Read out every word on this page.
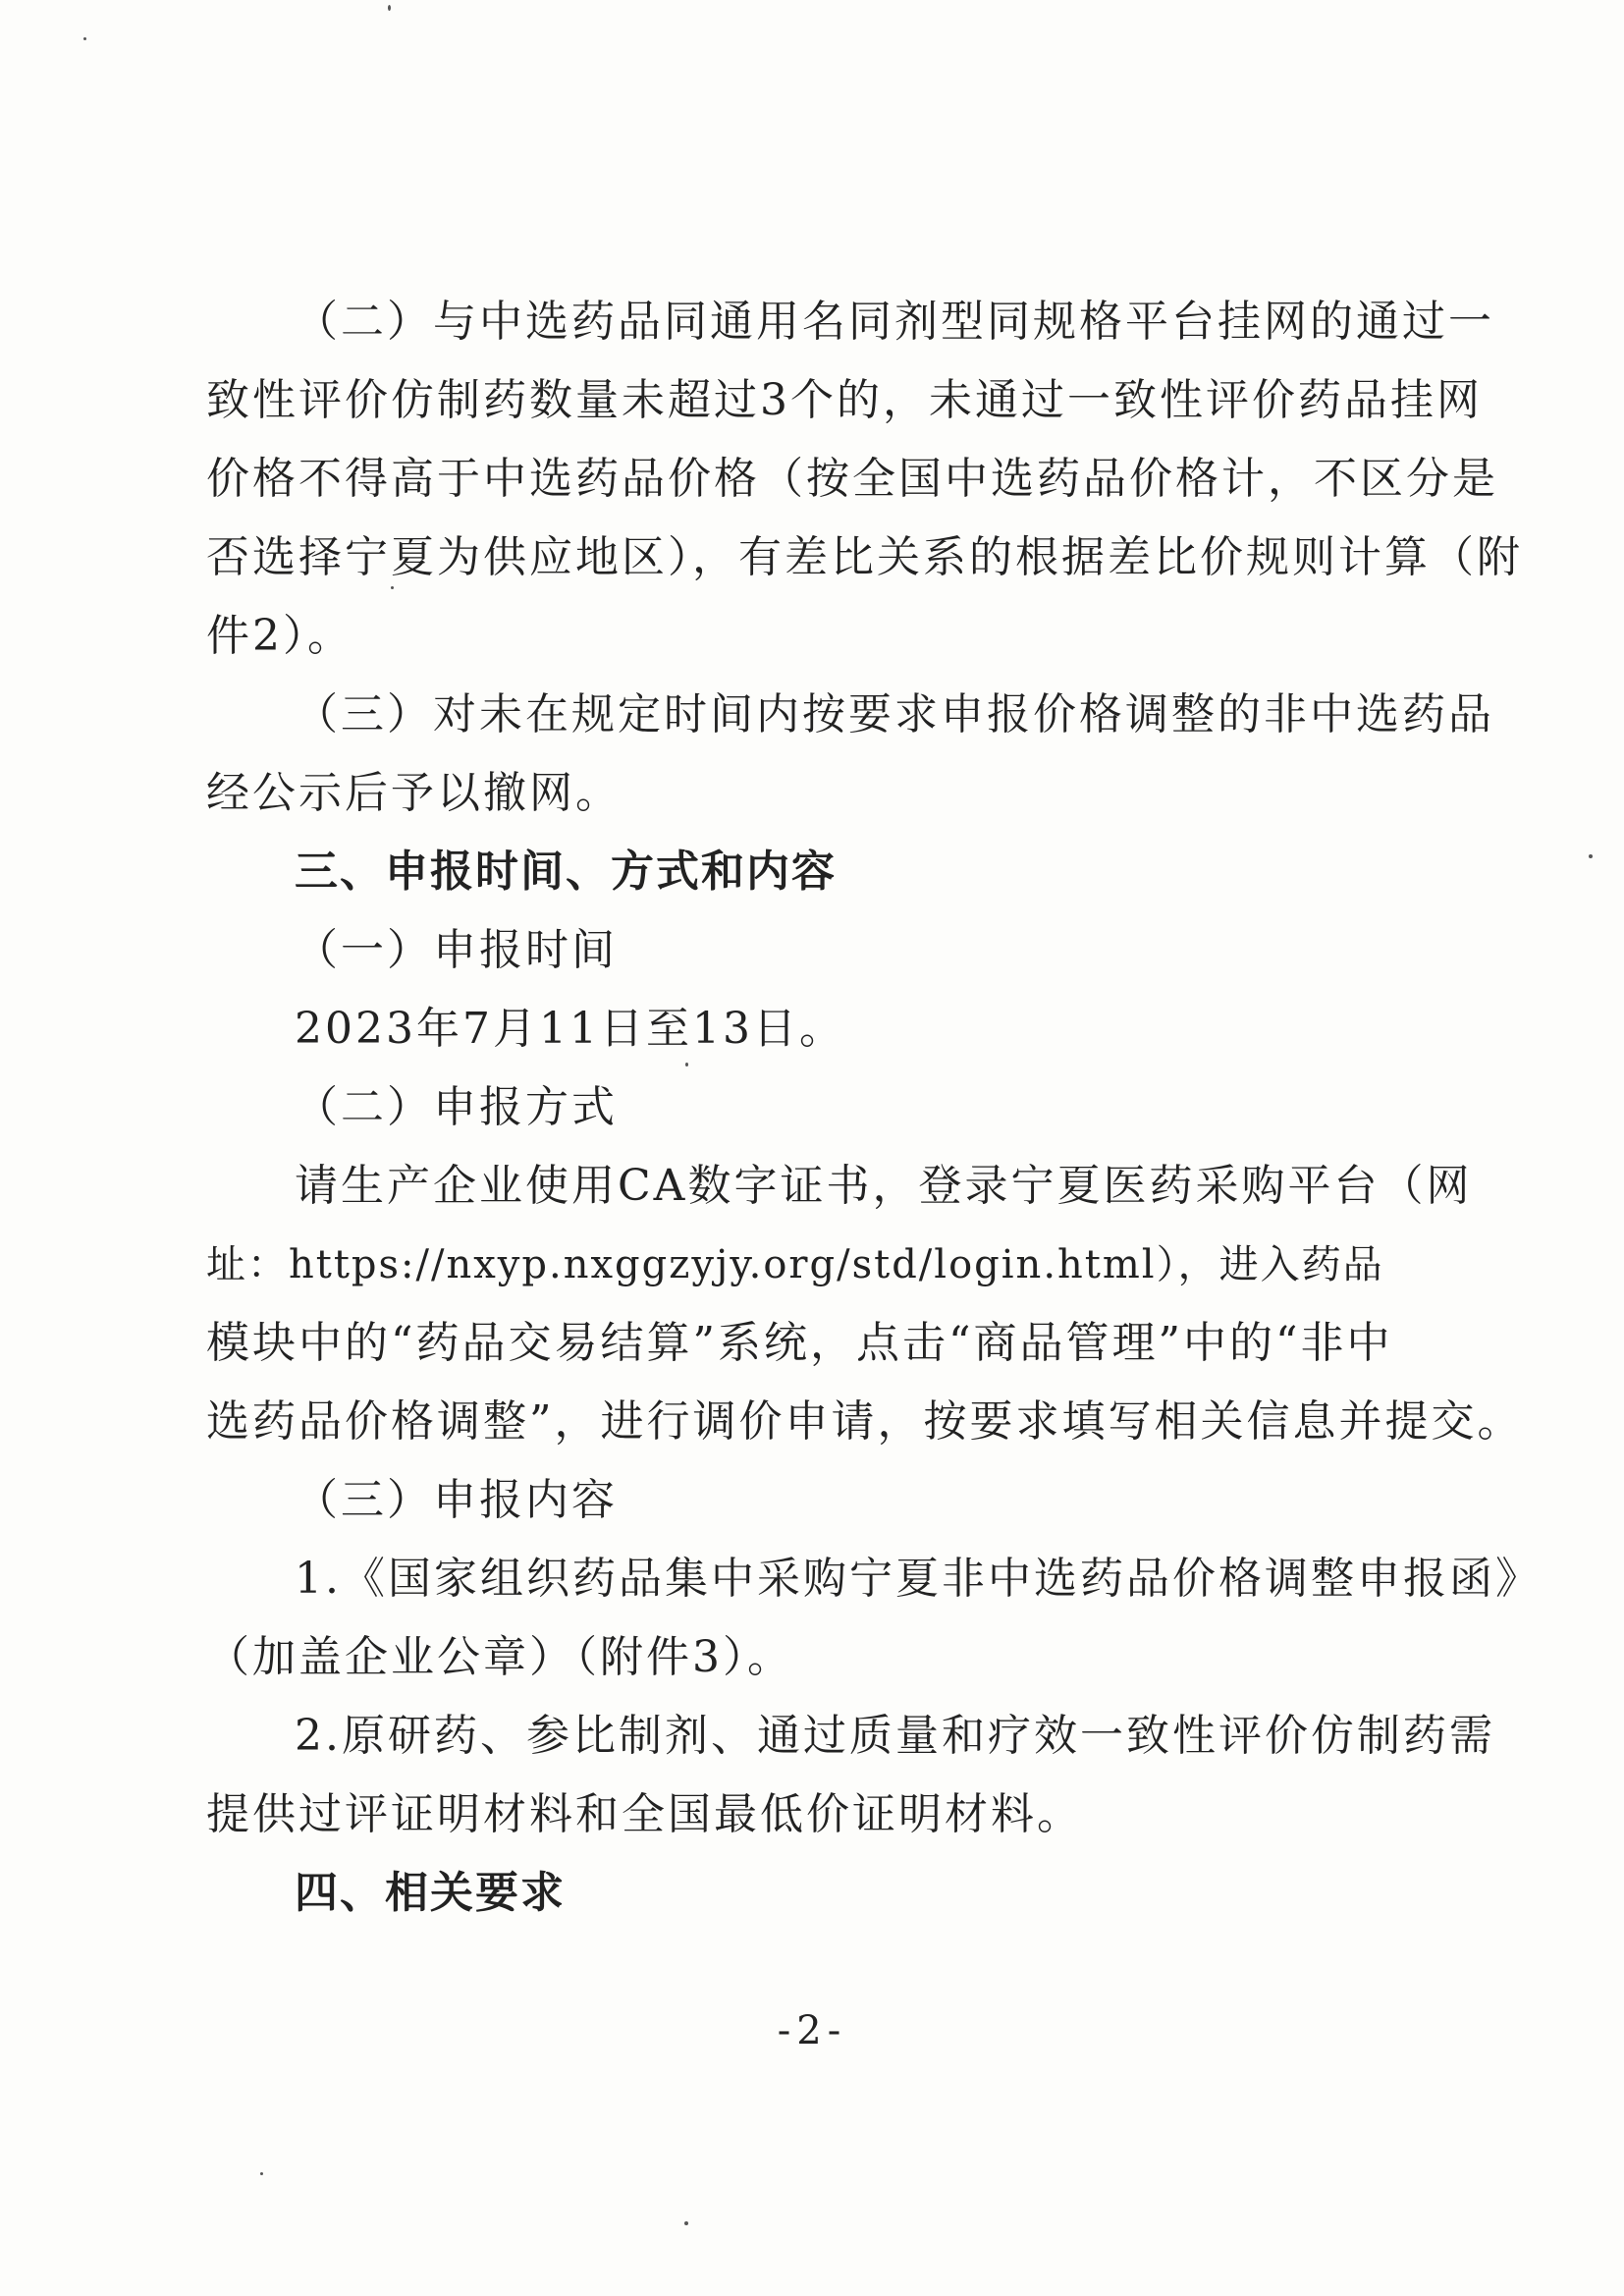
（二）与中选药品同通用名同剂型同规格平台挂网的通过一
致性评价仿制药数量未超过3个的，未通过一致性评价药品挂网
价格不得高于中选药品价格（按全国中选药品价格计，不区分是
否选择宁夏为供应地区），有差比关系的根据差比价规则计算（附
件2）。
（三）对未在规定时间内按要求申报价格调整的非中选药品
经公示后予以撤网。
三、申报时间、方式和内容
（一）申报时间
2023年7月11日至13日。
（二）申报方式
请生产企业使用CA数字证书，登录宁夏医药采购平台（网
址：https://nxyp.nxggzyjy.org/std/login.html），进入药品
模块中的“药品交易结算”系统，点击“商品管理”中的“非中
选药品价格调整”，进行调价申请，按要求填写相关信息并提交。
（三）申报内容
1.《国家组织药品集中采购宁夏非中选药品价格调整申报函》
（加盖企业公章）（附件3）。
2.原研药、参比制剂、通过质量和疗效一致性评价仿制药需
提供过评证明材料和全国最低价证明材料。
四、相关要求
-2-
